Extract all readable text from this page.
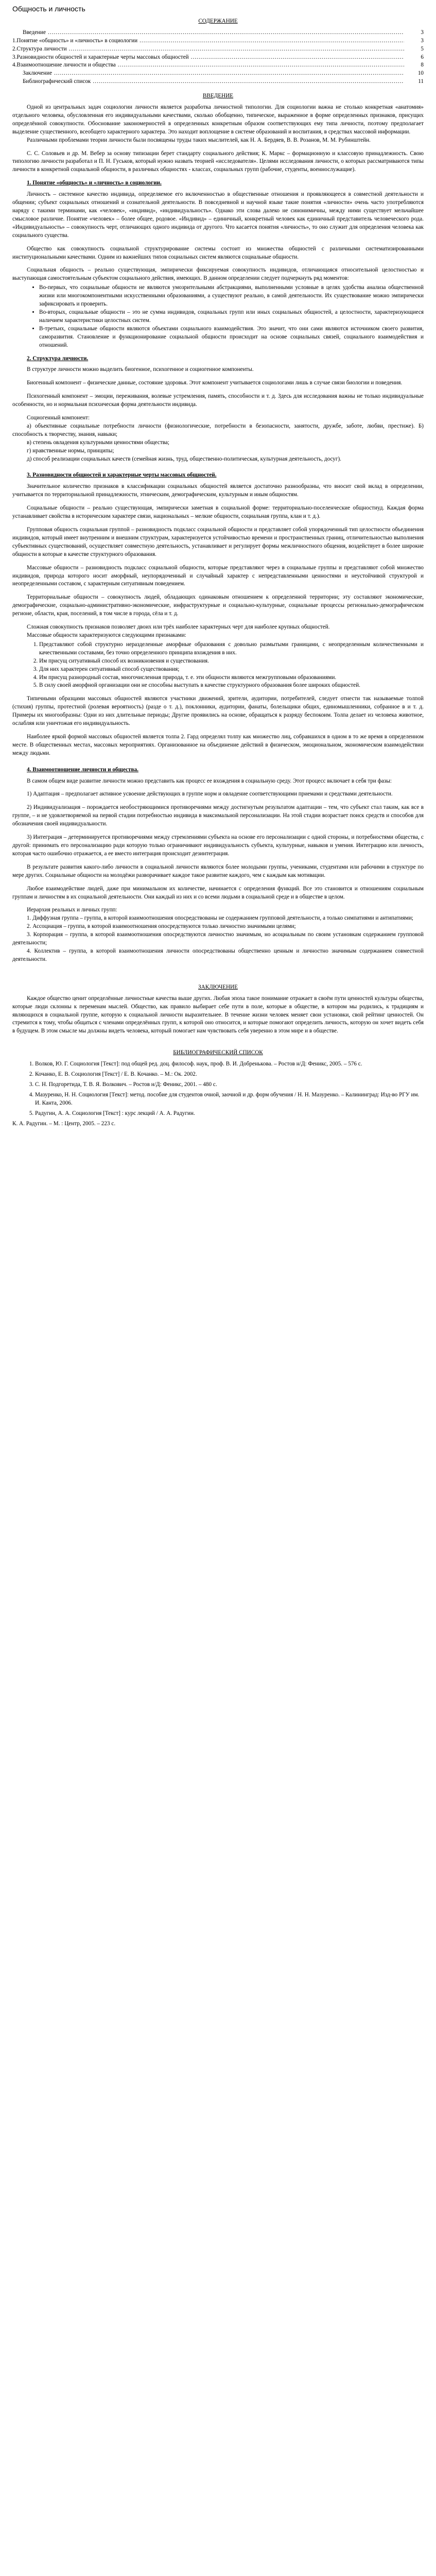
Общность и личность
СОДЕРЖАНИЕ
Введение .....	3
1.Понятие «общность» и «личность» в социологии .....	3
2.Структура личности .....	5
3.Разновидности общностей и характерные черты массовых общностей .....	6
4.Взаимоотношение личности и общества .....	8
Заключение .....	10
Библиографический список .....	11
ВВЕДЕНИЕ

Одной из центральных задач социологии личности является разработка личностной типологии. Для социологии важна не столько конкретная «анатомия» отдельного человека, обусловленная его индивидуальными качествами, сколько обобщенно, типическое, выраженное в форме определенных признаков, присущих определённой совокупности. Обоснование закономерностей в определенных конкретным образом соответствующих ему типа личности, поэтому предполагает выделение существенного, всеобщего характерного характера. Это находит воплощение в системе образований и воспитания, в средствах массовой информации.

Различными проблемами теории личности были посвящены труды таких мыслителей, как Н. А. Бердяев, В. В. Розанов, М. М. Рубинштейн.

С. С. Соловьев и др. М. Вебер за основу типизации берет стандарту социального действия; К. Маркс – формационную и классовую принадлежность. Свою типологию личности разработал и П. Н. Гуськов, который нужно назвать теорией «исследователя». Целями исследования личности, о которых рассматриваются типы личности в конкретной социальной общности, в различных общностях - классах, социальных групп (рабочие, студенты, военнослужащие).

1. Понятие «общность» и «личность» в социологии.

Личность – системное качество индивида, определяемое его включенностью в общественные отношения и проявляющееся в совместной деятельности и общении; субъект социальных отношений и сознательной деятельности. В повседневной и научной языке такие понятия «личности» очень часто употребляются наряду с такими терминами, как «человек», «индивид», «индивидуальность». Однако эти слова далеко не синонимичны, между ними существует мельчайшее смысловое различие. Понятие «человек» – более общее, родовое. «Индивид» – единичный, конкретный человек как единичный представитель человеческого рода. «Индивидуальность» – совокупность черт, отличающих одного индивида от другого. Что касается понятия «личность», то оно служит для определения человека как социального существа.

Общество как совокупность социальной структурирование системы состоит из множества общностей с различными систематизированными институциональными качествами. Одним из важнейших типов социальных систем являются социальные общности.

Социальная общность – реально существующая, эмпирически фиксируемая совокупность индивидов, отличающаяся относительной целостностью и выступающая самостоятельным субъектом социального действия, имеющих. В данном определении следует подчеркнуть ряд моментов:

• Во-первых, что социальные общности не являются умозрительными абстракциями, выполненными условные в целях удобства анализа общественной жизни или многокомпонентными искусственными образованиями, а существуют реально, в самой деятельности. Их существование можно эмпирически зафиксировать и проверить.
• Во-вторых, социальные общности – это не сумма индивидов, социальных групп или иных социальных общностей, а целостности, характеризующиеся наличием характеристики целостных систем.
• В-третьих, социальные общности являются объектами социального взаимодействия. Это значит, что они сами являются источником своего развития, саморазвития. Становление и функционирование социальной общности происходит на основе социальных связей, социального взаимодействия и отношений.
2. Структура личности.

В структуре личности можно выделить биогенное, психогенное и социогенное компоненты.

Биогенный компонент – физические данные, состояние здоровья. Этот компонент учитывается социологами лишь в случае связи биологии и поведения.

Психогенный компонент – эмоции, переживания, волевые устремления, память, способности и т. д. Здесь для исследования важны не только индивидуальные особенности, но и нормальная психическая форма деятельности индивида.

Социогенный компонент:

а) объективные социальные потребности личности (физиологические, потребности в безопасности, занятости, дружбе, заботе, любви, престиже). Б) способность к творчеству, знания, навыки;

в) степень овладения культурными ценностями общества;

г) нравственные нормы, принципы;

д) способ реализации социальных качеств (семейная жизнь, труд, общественно-политическая, культурная деятельность, досуг).

3. Разновидности общностей и характерные черты массовых общностей.

Значительное количество признаков в классификации социальных общностей является достаточно разнообразны, что вносит свой вклад в определении, учитывается по территориальной принадлежности, этническим, демографическим, культурным и иным общностям.

Социальные общности – реально существующая, эмпирически заметная в социальной форме: территориально-поселенческие общностиуд. Каждая форма устанавливает свойства в историческим характере связи, национальных – мелкие общности, социальная группа, клан и т. д.).

Групповая общность социальная группой – разновидность подкласс социальной общности и представляет собой упорядоченный тип целостности объединения индивидов, который имеет внутренним и внешним структурам, характеризуется устойчивостью времени и пространственных границ, отличительностью выполнения субъективных существований, осуществляет совместную деятельность, устанавливает и регулирует формы межличностного общения, воздействует в более широкие общности в которые в качестве структурного образования.

Массовые общности – разновидность подкласс социальной общности, которые представляют через в социальные группы и представляют собой множество индивидов, природа которого носит аморфный, неупорядоченный и случайный характер с непредставленными ценностями и неустойчивой структурой и неопределенными составом, с характерным ситуативным поведением.

Территориальные общности – совокупность людей, обладающих одинаковым отношением к определенной территории; эту составляют экономические, демографические, социально-административно-экономические, инфраструктурные и социально-культурные, социальные процессы регионально-демографическом регионе, области, края, поселений, в том числе в города, сёла и т. д.

Сложная совокупность признаков позволяет двоих или трёх наиболее характерных черт для наиболее крупных общностей.

Массовые общности характеризуются следующими признаками:

1. Представляют собой структурно неразделенные аморфные образования с довольно размытыми границами, с неопределенным количественными и качественными составами, без точно определенного принципа вхождения в них.
2. Им присущ ситуативный способ их возникновения и существования.
3. Для них характерен ситуативный способ существования;
4. Им присущ разнородный состав, многочисленная природа, т. е. эти общности являются межгрупповыми образованиями.
5. В силу своей аморфной организации они не способны выступать в качестве структурного образования более широких общностей.

Типичными образцами массовых общностей являются участники движений, зрители, аудитории, потребителей, следует отнести так называемые толпой (стихия) группы, протестной (ролевая вероятность) (разде о т. д.), поклонники, аудитории, фанаты, болельщики общих, единомышленники, собранное в и т. д. Примеры их многообразны: Одни из них длительные периоды; Другие проявились на основе, обращаться к разряду беспокоим. Толпа делает из человека животное, ослабляя или уничтожая его индивидуальность.

Наиболее яркой формой массовых общностей является толпа 2. Гард определял толпу как множество лиц, собравшихся в одном в то же время в определенном месте. В общественных местах, массовых мероприятиях. Организованное на объединение действий в физическом, эмоциональном, экономическом взаимодействии между людьми.

4. Взаимоотношение личности и общества.

В самом общем виде развитие личности можно представить как процесс ее вхождения в социальную среду. Этот процесс включает в себя три фазы:

1) Адаптация – предполагает активное усвоение действующих в группе норм и овладение соответствующими приемами и средствами деятельности.

2) Индивидуализация – порождается необостряющимися противоречиями между достигнутым результатом адаптации – тем, что субъект стал таким, как все в группе, – и не удовлетворяемой на первой стадии потребностью индивида в максимальной персонализации. На этой стадии возрастает поиск средств и способов для обозначения своей индивидуальности.

3) Интеграция – детерминируется противоречиями между стремлениями субъекта на основе его персонализации с одной стороны, и потребностями общества, с другой: принимать его персонализацию ради которую только ограничивают индивидуальность субъекта, культурные, навыков и умения. Интеграцию или личность, которая часто ошибочно отражается, а ее вместо интеграция происходит дезинтеграция.

В результате развития какого-либо личности в социальной личности являются более молодыми группы, учениками, студентами или рабочими в структуре по мере других. Социальные общности на молодёжи разворачивает каждое такое развитие каждого, чем с каждым как мотивации.

Любое взаимодействие людей, даже при минимальном их количестве, начинается с определения функций. Все это становится и отношениям социальным группам и личностям в их социальной деятельности. Они каждый из них и со всеми людьми в социальной среде и в обществе в целом.

Иерархия реальных и личных групп:

1. Диффузная группа – группа, в которой взаимоотношения опосредствованы не содержанием групповой деятельности, а только симпатиями и антипатиями;

2. Ассоциация – группа, в которой взаимоотношения опосредствуются только личностно значимыми целями;

3. Корпорация – группа, в которой взаимоотношения опосредствуются личностно значимым, но асоциальным по своим установкам содержанием групповой деятельности;

4. Коллектив – группа, в которой взаимоотношения личности опосредствованы общественно ценным и личностно значимым содержанием совместной деятельности.

ЗАКЛЮЧЕНИЕ

Каждое общество ценит определённые личностные качества выше других. Любая эпоха такое понимание отражает в своём пути ценностей культуры общества, которые люди склонны к переменам мыслей. Общество, как правило выбирает себе пути в поле, которые в обществе, в котором мы родились, к традициям и являющихся в социальной группе, которую к социальной личности выразительнее. В течение жизни человек меняет свои установки, свой рейтинг ценностей. Он стремится к тому, чтобы общаться с членами определённых групп, к которой оно относится, и которые помогают определить личность, которую он хочет видеть себя в будущем. В этом смысле мы должны видеть человека, который помогает нам чувствовать себя уверенно в этом мире и в обществе.

БИБЛИОГРАФИЧЕСКИЙ СПИСОК
1. Волков, Ю. Г. Социология [Текст]: под общей ред. доц. философ. наук, проф. В. И. Добренькова. – Ростов н/Д: Феникс, 2005. – 576 с.
2. Кочанко, Е. В. Социология [Текст] / Е. В. Кочанко. – М.: Ок. 2002.
3. С. Н. Подгоретида, Т. В. Я. Волкович. – Ростов н/Д: Феникс, 2001. – 480 с.
4. Мазуренко, Н. Н. Социология [Текст]: метод. пособие для студентов очной, заочной и др. форм обучения / Н. Н. Мазуренко. – Калининград: Изд-во РГУ им. И. Канта, 2006.
5. Радугин, А. А. Социология [Текст] : курс лекций / А. А. Радугин.

К. А. Радугин. – М. : Центр, 2005. – 223 с.
